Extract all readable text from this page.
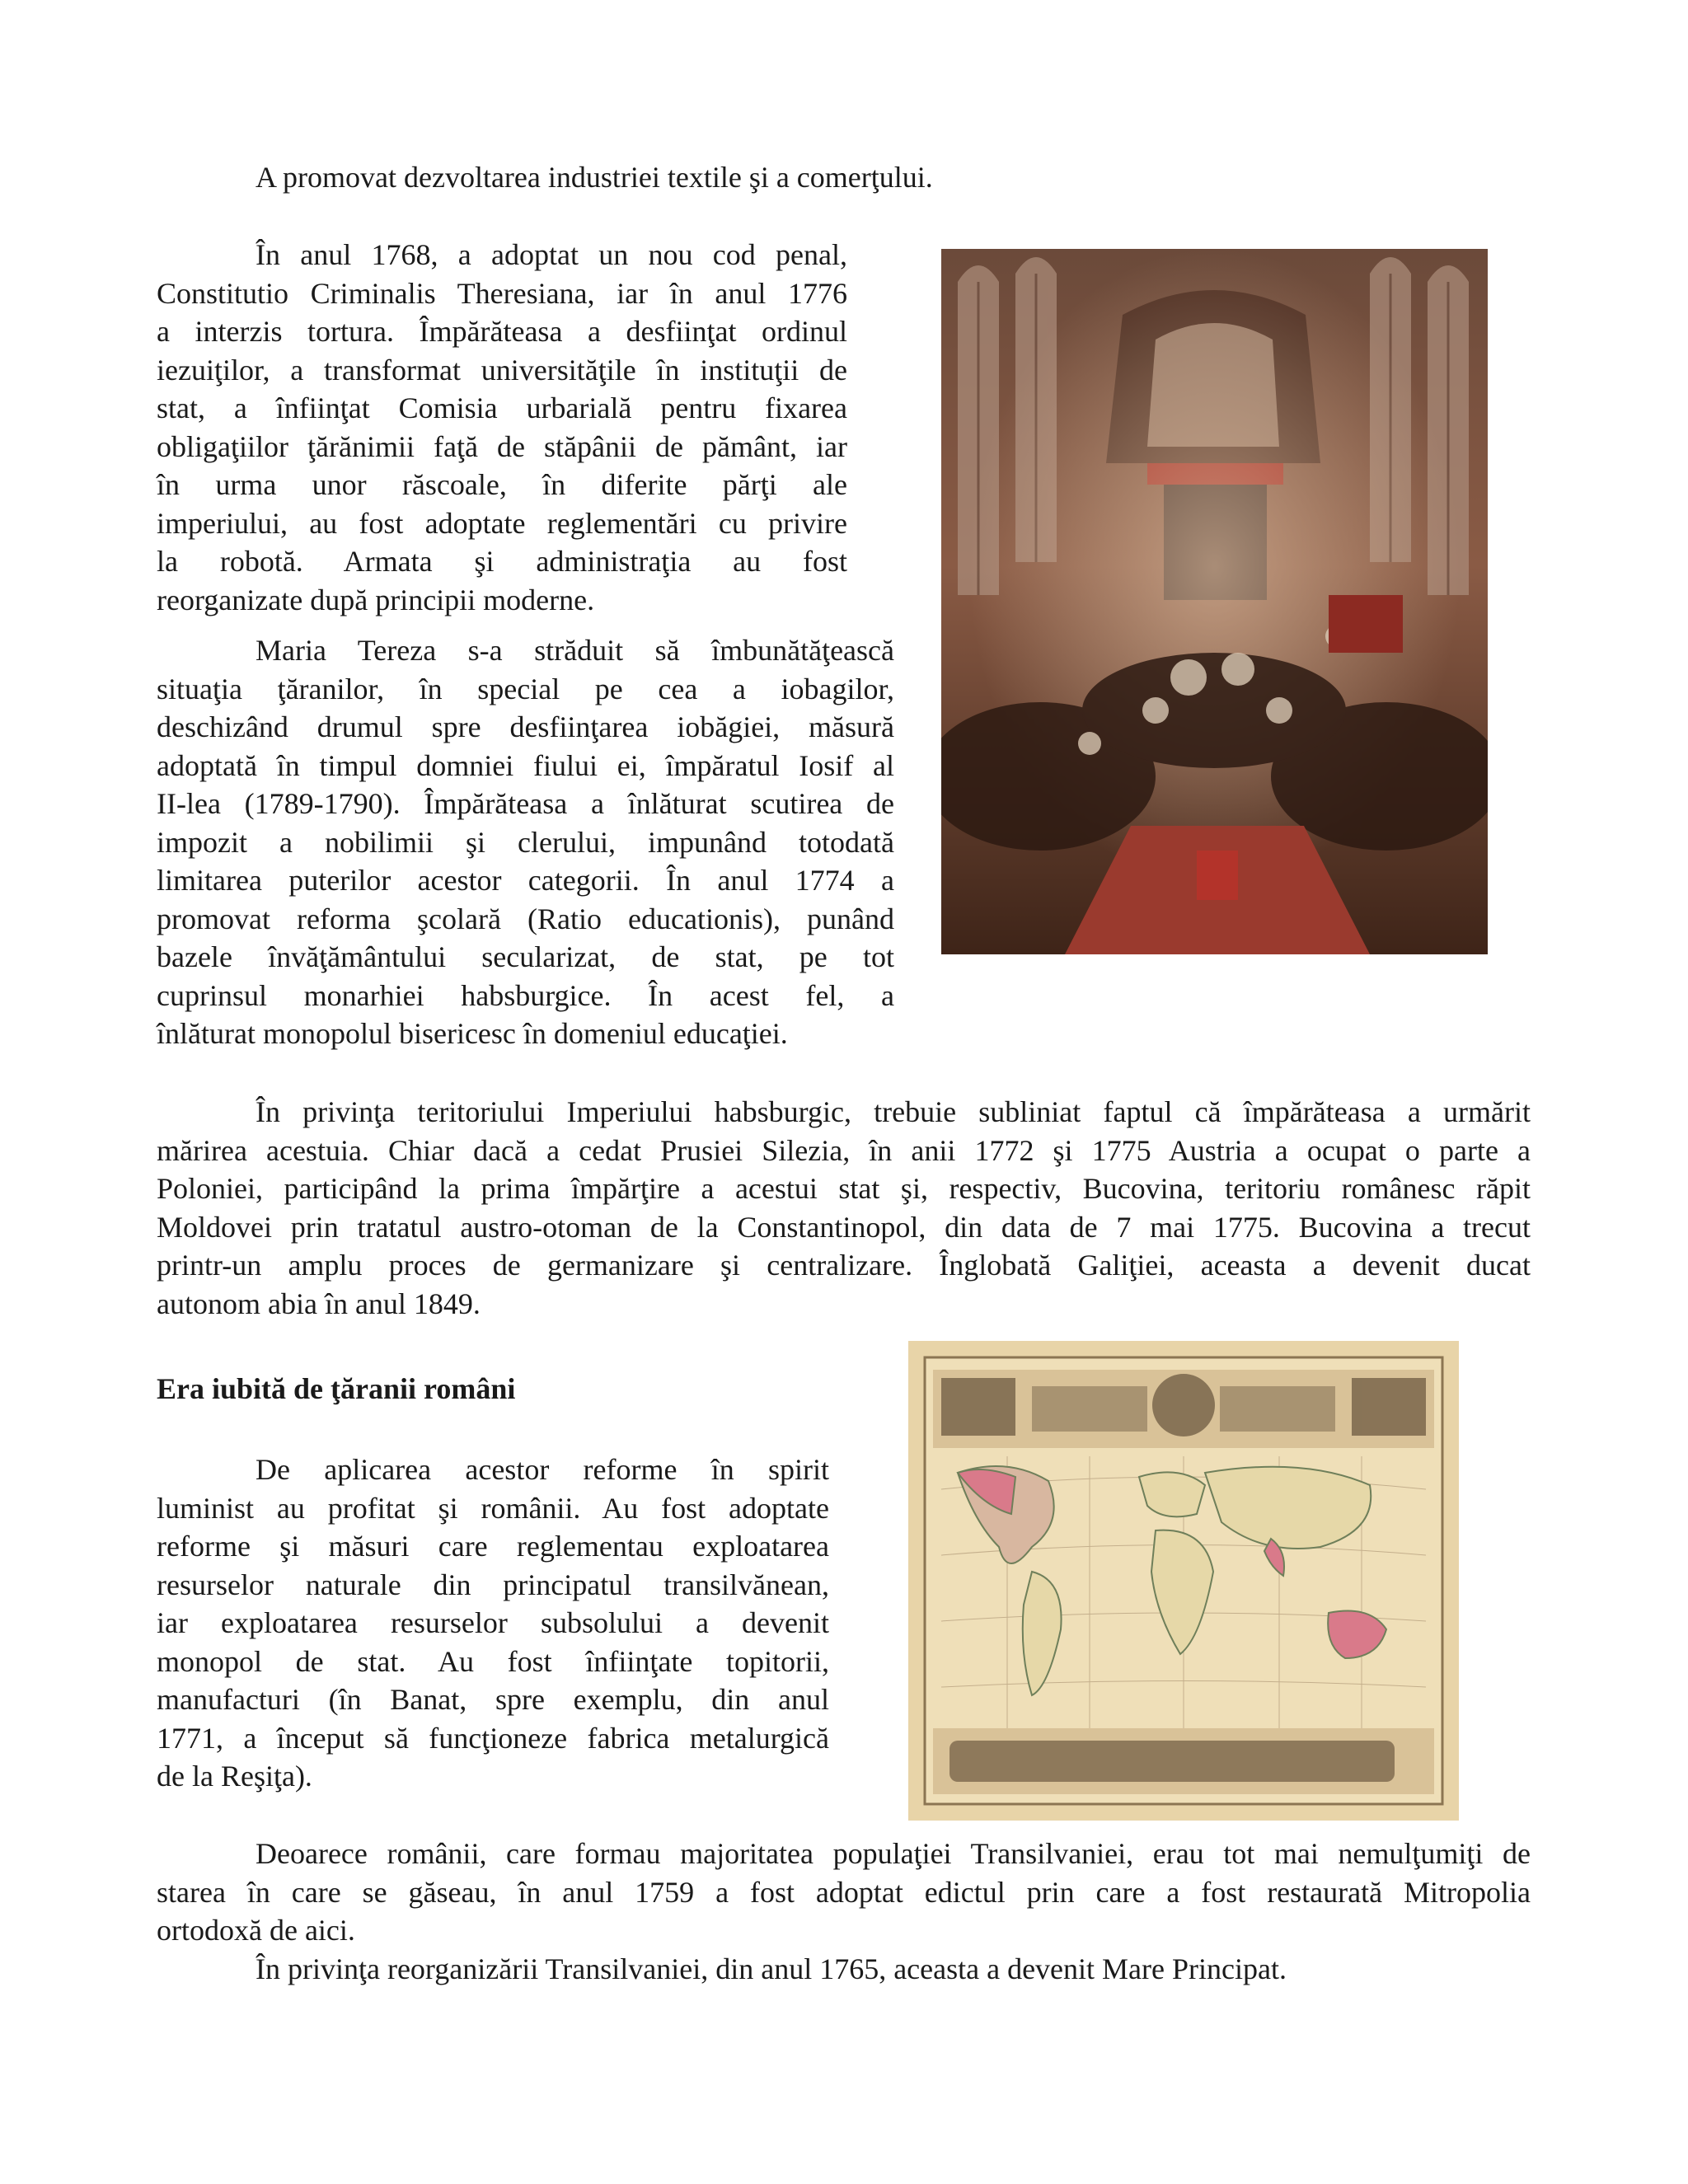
A promovat dezvoltarea industriei textile şi a comerţului.

În anul 1768, a adoptat un nou cod penal,
Constitutio Criminalis Theresiana, iar în anul 1776
a interzis tortura. Împărăteasa a desfiinţat ordinul
iezuiţilor, a transformat universităţile în instituţii de
stat, a înfiinţat Comisia urbarială pentru fixarea
obligaţiilor ţărănimii faţă de stăpânii de pământ, iar
în urma unor răscoale, în diferite părţi ale
imperiului, au fost adoptate reglementări cu privire
la robotă. Armata şi administraţia au fost
reorganizate după principii moderne.
Maria Tereza s-a străduit să îmbunătăţească
situaţia ţăranilor, în special pe cea a iobagilor,
deschizând drumul spre desfiinţarea iobăgiei, măsură
adoptată în timpul domniei fiului ei, împăratul Iosif al
II-lea (1789-1790). Împărăteasa a înlăturat scutirea de
impozit a nobilimii şi clerului, impunând totodată
limitarea puterilor acestor categorii. În anul 1774 a
promovat reforma şcolară (Ratio educationis), punând
bazele învăţământului secularizat, de stat, pe tot
cuprinsul monarhiei habsburgice. În acest fel, a
înlăturat monopolul bisericesc în domeniul educaţiei.
În privinţa teritoriului Imperiului habsburgic, trebuie subliniat faptul că împărăteasa a urmărit
mărirea acestuia. Chiar dacă a cedat Prusiei Silezia, în anii 1772 şi 1775 Austria a ocupat o parte a
Poloniei, participând la prima împărţire a acestui stat şi, respectiv, Bucovina, teritoriu românesc răpit
Moldovei prin tratatul austro-otoman de la Constantinopol, din data de 7 mai 1775. Bucovina a trecut
printr-un amplu proces de germanizare şi centralizare. Înglobată Galiţiei, aceasta a devenit ducat
autonom abia în anul 1849.

Era iubită de ţăranii români

De aplicarea acestor reforme în spirit
luminist au profitat şi românii. Au fost adoptate
reforme şi măsuri care reglementau exploatarea
resurselor naturale din principatul transilvănean,
iar exploatarea resurselor subsolului a devenit
monopol de stat. Au fost înfiinţate topitorii,
manufacturi (în Banat, spre exemplu, din anul
1771, a început să funcţioneze fabrica metalurgică
de la Reşiţa).
Deoarece românii, care formau majoritatea populaţiei Transilvaniei, erau tot mai nemulţumiţi de
starea în care se găseau, în anul 1759 a fost adoptat edictul prin care a fost restaurată Mitropolia
ortodoxă de aici.

În privinţa reorganizării Transilvaniei, din anul 1765, aceasta a devenit Mare Principat.
